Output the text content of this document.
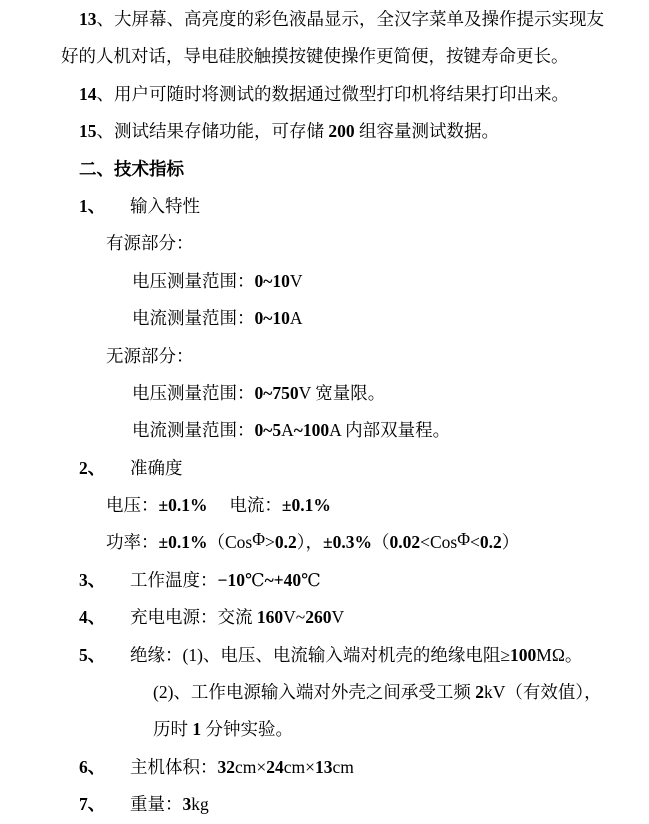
13、大屏幕、高亮度的彩色液晶显示，全汉字菜单及操作提示实现友
好的人机对话，导电硅胶触摸按键使操作更简便，按键寿命更长。
14、用户可随时将测试的数据通过微型打印机将结果打印出来。
15、测试结果存储功能，可存储 200 组容量测试数据。
二、技术指标
1、 输入特性
有源部分：
电压测量范围：0~10V
电流测量范围：0~10A
无源部分：
电压测量范围：0~750V 宽量限。
电流测量范围：0~5A~100A 内部双量程。
2、 准确度
电压：±0.1%　 电流：±0.1%
功率：±0.1%（CosΦ>0.2），±0.3%（0.02<CosΦ<0.2）
3、 工作温度：−10℃~+40℃
4、 充电电源：交流 160V~260V
5、 绝缘：(1)、电压、电流输入端对机壳的绝缘电阻≥100MΩ。
(2)、工作电源输入端对外壳之间承受工频 2kV（有效值），
历时 1 分钟实验。
6、 主机体积：32cm×24cm×13cm
7、 重量：3kg
